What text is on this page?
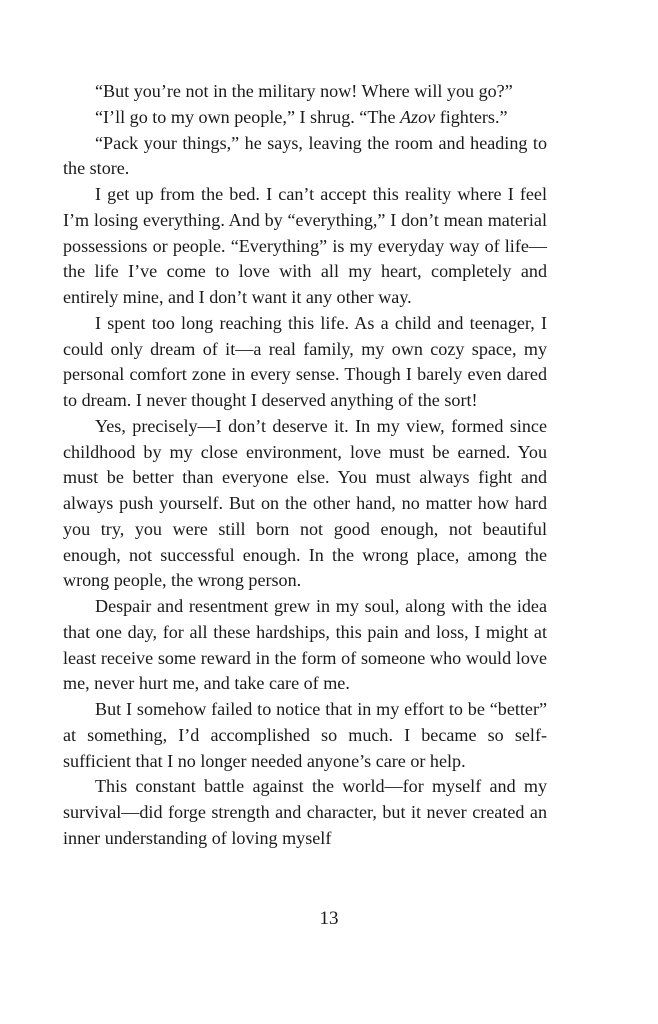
“But you’re not in the military now! Where will you go?”

“I’ll go to my own people,” I shrug. “The Azov fighters.”

“Pack your things,” he says, leaving the room and heading to the store.

I get up from the bed. I can’t accept this reality where I feel I’m losing everything. And by “everything,” I don’t mean material possessions or people. “Everything” is my everyday way of life—the life I’ve come to love with all my heart, completely and entirely mine, and I don’t want it any other way.

I spent too long reaching this life. As a child and teenager, I could only dream of it—a real family, my own cozy space, my personal comfort zone in every sense. Though I barely even dared to dream. I never thought I deserved anything of the sort!

Yes, precisely—I don’t deserve it. In my view, formed since childhood by my close environment, love must be earned. You must be better than everyone else. You must always fight and always push yourself. But on the other hand, no matter how hard you try, you were still born not good enough, not beautiful enough, not successful enough. In the wrong place, among the wrong people, the wrong person.

Despair and resentment grew in my soul, along with the idea that one day, for all these hardships, this pain and loss, I might at least receive some reward in the form of someone who would love me, never hurt me, and take care of me.

But I somehow failed to notice that in my effort to be “better” at something, I’d accomplished so much. I became so self-sufficient that I no longer needed anyone’s care or help.

This constant battle against the world—for myself and my survival—did forge strength and character, but it never created an inner understanding of loving myself

13
